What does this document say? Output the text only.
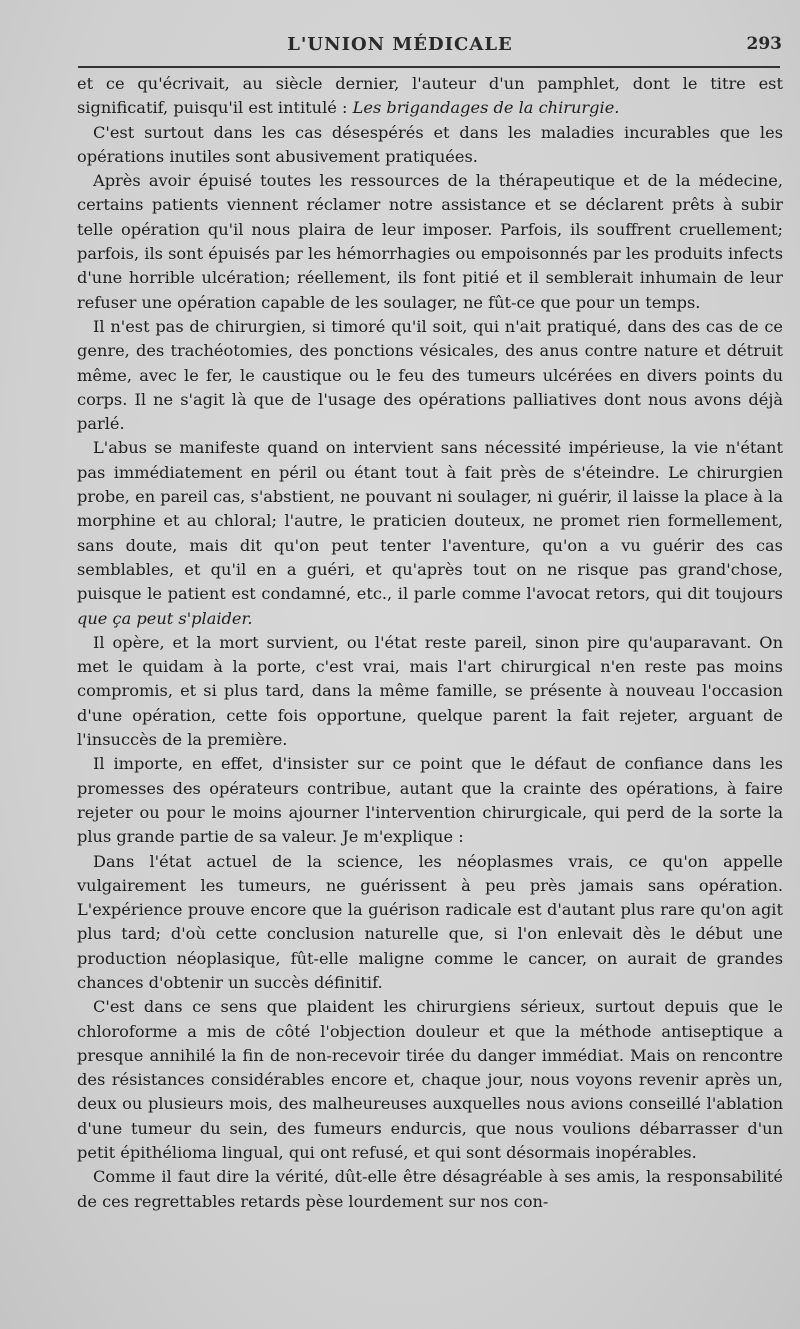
L'UNION MÉDICALE	293

et ce qu'écrivait, au siècle dernier, l'auteur d'un pamphlet, dont le titre est significatif, puisqu'il est intitulé : Les brigandages de la chirurgie.

C'est surtout dans les cas désespérés et dans les maladies incurables que les opérations inutiles sont abusivement pratiquées.

Après avoir épuisé toutes les ressources de la thérapeutique et de la médecine, certains patients viennent réclamer notre assistance et se déclarent prêts à subir telle opération qu'il nous plaira de leur imposer. Parfois, ils souffrent cruellement; parfois, ils sont épuisés par les hémorrhagies ou empoisonnés par les produits infects d'une horrible ulcération; réellement, ils font pitié et il semblerait inhumain de leur refuser une opération capable de les soulager, ne fût-ce que pour un temps.

Il n'est pas de chirurgien, si timoré qu'il soit, qui n'ait pratiqué, dans des cas de ce genre, des trachéotomies, des ponctions vésicales, des anus contre nature et détruit même, avec le fer, le caustique ou le feu des tumeurs ulcérées en divers points du corps. Il ne s'agit là que de l'usage des opérations palliatives dont nous avons déjà parlé.

L'abus se manifeste quand on intervient sans nécessité impérieuse, la vie n'étant pas immédiatement en péril ou étant tout à fait près de s'éteindre. Le chirurgien probe, en pareil cas, s'abstient, ne pouvant ni soulager, ni guérir, il laisse la place à la morphine et au chloral; l'autre, le praticien douteux, ne promet rien formellement, sans doute, mais dit qu'on peut tenter l'aventure, qu'on a vu guérir des cas semblables, et qu'il en a guéri, et qu'après tout on ne risque pas grand'chose, puisque le patient est condamné, etc., il parle comme l'avocat retors, qui dit toujours que ça peut s'plaider.

Il opère, et la mort survient, ou l'état reste pareil, sinon pire qu'auparavant. On met le quidam à la porte, c'est vrai, mais l'art chirurgical n'en reste pas moins compromis, et si plus tard, dans la même famille, se présente à nouveau l'occasion d'une opération, cette fois opportune, quelque parent la fait rejeter, arguant de l'insuccès de la première.

Il importe, en effet, d'insister sur ce point que le défaut de confiance dans les promesses des opérateurs contribue, autant que la crainte des opérations, à faire rejeter ou pour le moins ajourner l'intervention chirurgicale, qui perd de la sorte la plus grande partie de sa valeur. Je m'explique :

Dans l'état actuel de la science, les néoplasmes vrais, ce qu'on appelle vulgairement les tumeurs, ne guérissent à peu près jamais sans opération. L'expérience prouve encore que la guérison radicale est d'autant plus rare qu'on agit plus tard; d'où cette conclusion naturelle que, si l'on enlevait dès le début une production néoplasique, fût-elle maligne comme le cancer, on aurait de grandes chances d'obtenir un succès définitif.

C'est dans ce sens que plaident les chirurgiens sérieux, surtout depuis que le chloroforme a mis de côté l'objection douleur et que la méthode antiseptique a presque annihilé la fin de non-recevoir tirée du danger immédiat. Mais on rencontre des résistances considérables encore et, chaque jour, nous voyons revenir après un, deux ou plusieurs mois, des malheureuses auxquelles nous avions conseillé l'ablation d'une tumeur du sein, des fumeurs endurcis, que nous voulions débarrasser d'un petit épithélioma lingual, qui ont refusé, et qui sont désormais inopérables.

Comme il faut dire la vérité, dût-elle être désagréable à ses amis, la responsabilité de ces regrettables retards pèse lourdement sur nos con-
